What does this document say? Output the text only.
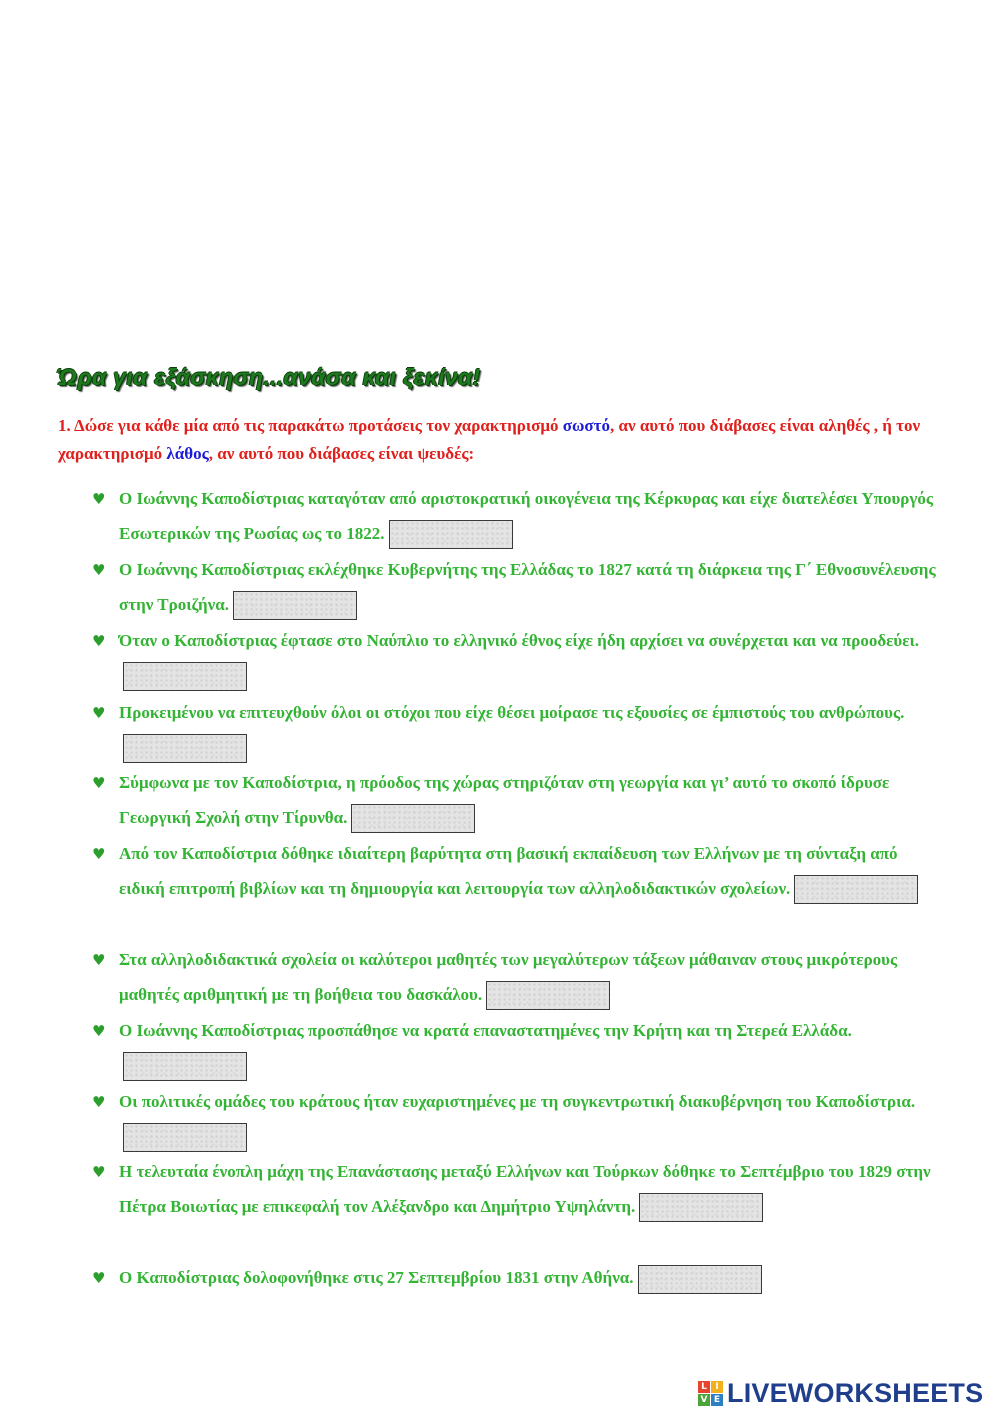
Ώρα για εξάσκηση...ανάσα και ξεκίνα!
1. Δώσε για κάθε μία από τις παρακάτω προτάσεις τον χαρακτηρισμό σωστό, αν αυτό που διάβασες είναι αληθές , ή τον χαρακτηρισμό λάθος, αν αυτό που διάβασες είναι ψευδές:
♥ Ο Ιωάννης Καποδίστριας καταγόταν από αριστοκρατική οικογένεια της Κέρκυρας και είχε διατελέσει Υπουργός Εσωτερικών της Ρωσίας ως το 1822.
♥ Ο Ιωάννης Καποδίστριας εκλέχθηκε Κυβερνήτης της Ελλάδας το 1827 κατά τη διάρκεια της Γ΄ Εθνοσυνέλευσης στην Τροιζήνα.
♥ Όταν ο Καποδίστριας έφτασε στο Ναύπλιο το ελληνικό έθνος είχε ήδη αρχίσει να συνέρχεται και να προοδεύει.
♥ Προκειμένου να επιτευχθούν όλοι οι στόχοι που είχε θέσει μοίρασε τις εξουσίες σε έμπιστούς του ανθρώπους.
♥ Σύμφωνα με τον Καποδίστρια, η πρόοδος της χώρας στηριζόταν στη γεωργία και γι’ αυτό το σκοπό ίδρυσε Γεωργική Σχολή στην Τίρυνθα.
♥ Από τον Καποδίστρια δόθηκε ιδιαίτερη βαρύτητα στη βασική εκπαίδευση των Ελλήνων με τη σύνταξη από ειδική επιτροπή βιβλίων και τη δημιουργία και λειτουργία των αλληλοδιδακτικών σχολείων.
♥ Στα αλληλοδιδακτικά σχολεία οι καλύτεροι μαθητές των μεγαλύτερων τάξεων μάθαιναν στους μικρότερους μαθητές αριθμητική με τη βοήθεια του δασκάλου.
♥ Ο Ιωάννης Καποδίστριας προσπάθησε να κρατά επαναστατημένες την Κρήτη και τη Στερεά Ελλάδα.
♥ Οι πολιτικές ομάδες του κράτους ήταν ευχαριστημένες με τη συγκεντρωτική διακυβέρνηση του Καποδίστρια.
♥ Η τελευταία ένοπλη μάχη της Επανάστασης μεταξύ Ελλήνων και Τούρκων δόθηκε το Σεπτέμβριο του 1829 στην Πέτρα Βοιωτίας με επικεφαλή τον Αλέξανδρο και Δημήτριο Υψηλάντη.
♥ Ο Καποδίστριας δολοφονήθηκε στις 27 Σεπτεμβρίου 1831 στην Αθήνα.
L I
V E LIVEWORKSHEETS
